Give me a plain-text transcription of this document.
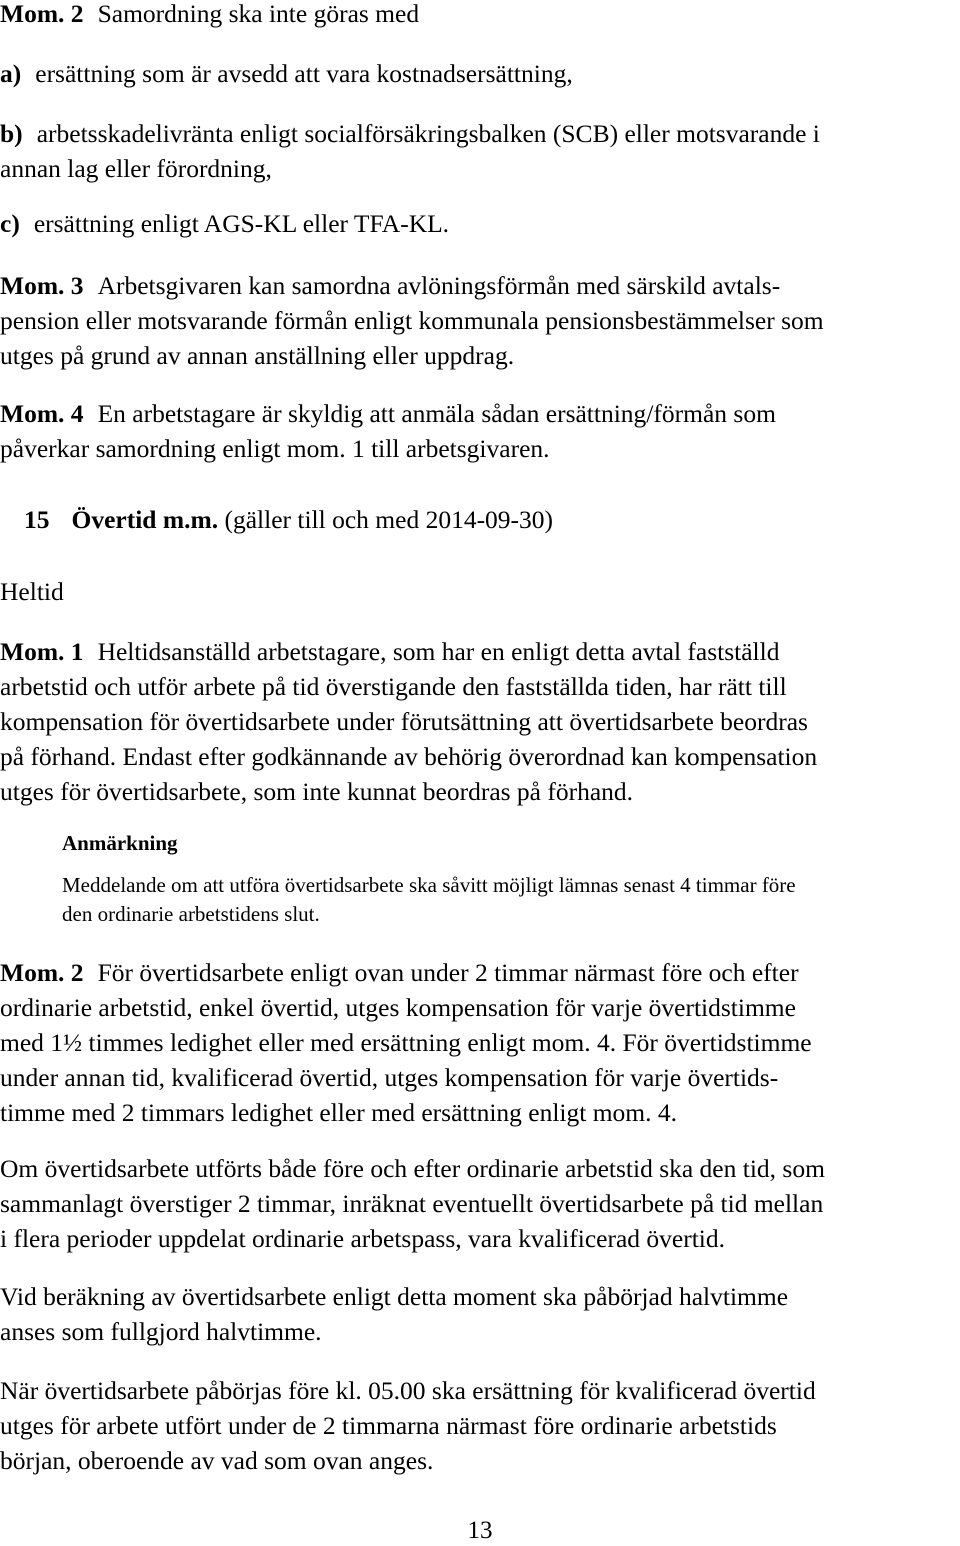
Mom. 2 Samordning ska inte göras med

a) ersättning som är avsedd att vara kostnadsersättning,

b) arbetsskadelivränta enligt socialförsäkringsbalken (SCB) eller motsvarande i
annan lag eller förordning,

c) ersättning enligt AGS-KL eller TFA-KL.

Mom. 3 Arbetsgivaren kan samordna avlöningsförmån med särskild avtals-
pension eller motsvarande förmån enligt kommunala pensionsbestämmelser som
utges på grund av annan anställning eller uppdrag.

Mom. 4 En arbetstagare är skyldig att anmäla sådan ersättning/förmån som
påverkar samordning enligt mom. 1 till arbetsgivaren.

15 Övertid m.m. (gäller till och med 2014-09-30)

Heltid

Mom. 1 Heltidsanställd arbetstagare, som har en enligt detta avtal fastställd
arbetstid och utför arbete på tid överstigande den fastställda tiden, har rätt till
kompensation för övertidsarbete under förutsättning att övertidsarbete beordras
på förhand. Endast efter godkännande av behörig överordnad kan kompensation
utges för övertidsarbete, som inte kunnat beordras på förhand.

Anmärkning

Meddelande om att utföra övertidsarbete ska såvitt möjligt lämnas senast 4 timmar före
den ordinarie arbetstidens slut.

Mom. 2 För övertidsarbete enligt ovan under 2 timmar närmast före och efter
ordinarie arbetstid, enkel övertid, utges kompensation för varje övertidstimme
med 1½ timmes ledighet eller med ersättning enligt mom. 4. För övertidstimme
under annan tid, kvalificerad övertid, utges kompensation för varje övertids-
timme med 2 timmars ledighet eller med ersättning enligt mom. 4.

Om övertidsarbete utförts både före och efter ordinarie arbetstid ska den tid, som
sammanlagt överstiger 2 timmar, inräknat eventuellt övertidsarbete på tid mellan
i flera perioder uppdelat ordinarie arbetspass, vara kvalificerad övertid.

Vid beräkning av övertidsarbete enligt detta moment ska påbörjad halvtimme
anses som fullgjord halvtimme.

När övertidsarbete påbörjas före kl. 05.00 ska ersättning för kvalificerad övertid
utges för arbete utfört under de 2 timmarna närmast före ordinarie arbetstids
början, oberoende av vad som ovan anges.

13
